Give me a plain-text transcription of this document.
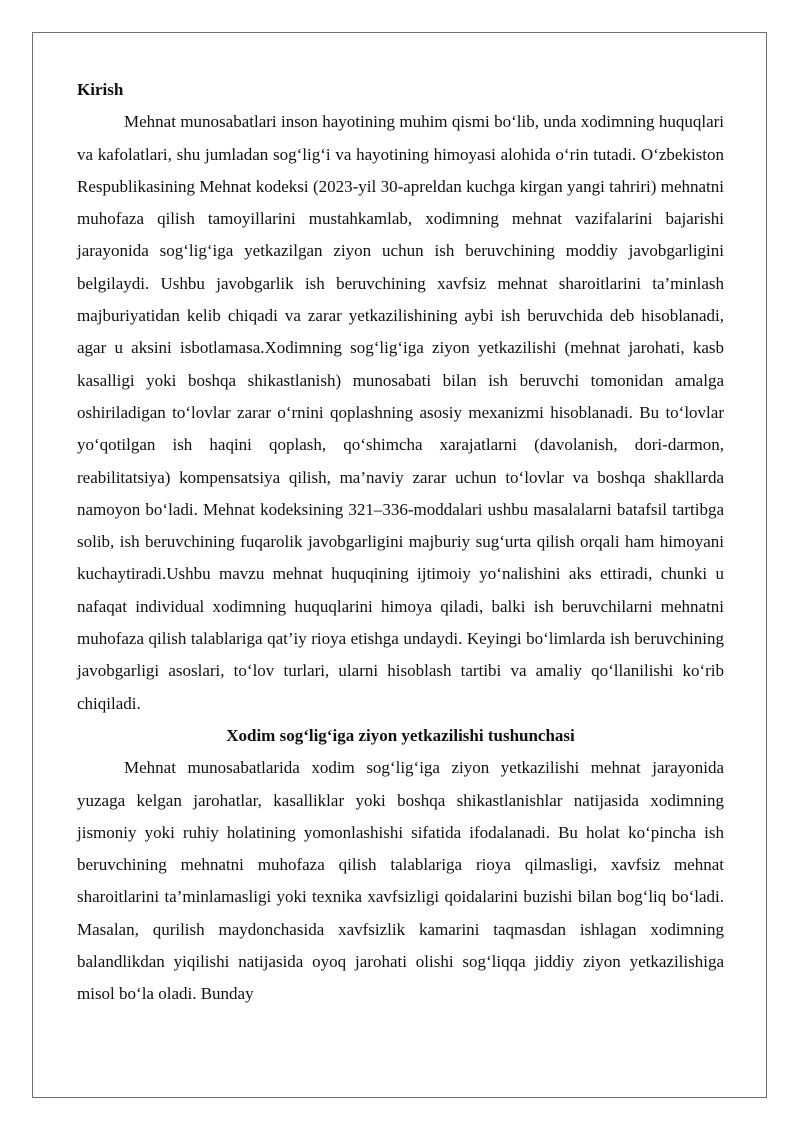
Kirish

Mehnat munosabatlari inson hayotining muhim qismi bo‘lib, unda xodimning huquqlari va kafolatlari, shu jumladan sog‘lig‘i va hayotining himoyasi alohida o‘rin tutadi. O‘zbekiston Respublikasining Mehnat kodeksi (2023-yil 30-apreldan kuchga kirgan yangi tahriri) mehnatni muhofaza qilish tamoyillarini mustahkamlab, xodimning mehnat vazifalarini bajarishi jarayonida sog‘lig‘iga yetkazilgan ziyon uchun ish beruvchining moddiy javobgarligini belgilaydi. Ushbu javobgarlik ish beruvchining xavfsiz mehnat sharoitlarini ta’minlash majburiyatidan kelib chiqadi va zarar yetkazilishining aybi ish beruvchida deb hisoblanadi, agar u aksini isbotlamasa.Xodimning sog‘lig‘iga ziyon yetkazilishi (mehnat jarohati, kasb kasalligi yoki boshqa shikastlanish) munosabati bilan ish beruvchi tomonidan amalga oshiriladigan to‘lovlar zarar o‘rnini qoplashning asosiy mexanizmi hisoblanadi. Bu to‘lovlar yo‘qotilgan ish haqini qoplash, qo‘shimcha xarajatlarni (davolanish, dori-darmon, reabilitatsiya) kompensatsiya qilish, ma’naviy zarar uchun to‘lovlar va boshqa shakllarda namoyon bo‘ladi. Mehnat kodeksining 321–336-moddalari ushbu masalalarni batafsil tartibga solib, ish beruvchining fuqarolik javobgarligini majburiy sug‘urta qilish orqali ham himoyani kuchaytiradi.Ushbu mavzu mehnat huquqining ijtimoiy yo‘nalishini aks ettiradi, chunki u nafaqat individual xodimning huquqlarini himoya qiladi, balki ish beruvchilarni mehnatni muhofaza qilish talablariga qat’iy rioya etishga undaydi. Keyingi bo‘limlarda ish beruvchining javobgarligi asoslari, to‘lov turlari, ularni hisoblash tartibi va amaliy qo‘llanilishi ko‘rib chiqiladi.

Xodim sog‘lig‘iga ziyon yetkazilishi tushunchasi

Mehnat munosabatlarida xodim sog‘lig‘iga ziyon yetkazilishi mehnat jarayonida yuzaga kelgan jarohatlar, kasalliklar yoki boshqa shikastlanishlar natijasida xodimning jismoniy yoki ruhiy holatining yomonlashishi sifatida ifodalanadi. Bu holat ko‘pincha ish beruvchining mehnatni muhofaza qilish talablariga rioya qilmasligi, xavfsiz mehnat sharoitlarini ta’minlamasligi yoki texnika xavfsizligi qoidalarini buzishi bilan bog‘liq bo‘ladi. Masalan, qurilish maydonchasida xavfsizlik kamarini taqmasdan ishlagan xodimning balandlikdan yiqilishi natijasida oyoq jarohati olishi sog‘liqqa jiddiy ziyon yetkazilishiga misol bo‘la oladi. Bunday
